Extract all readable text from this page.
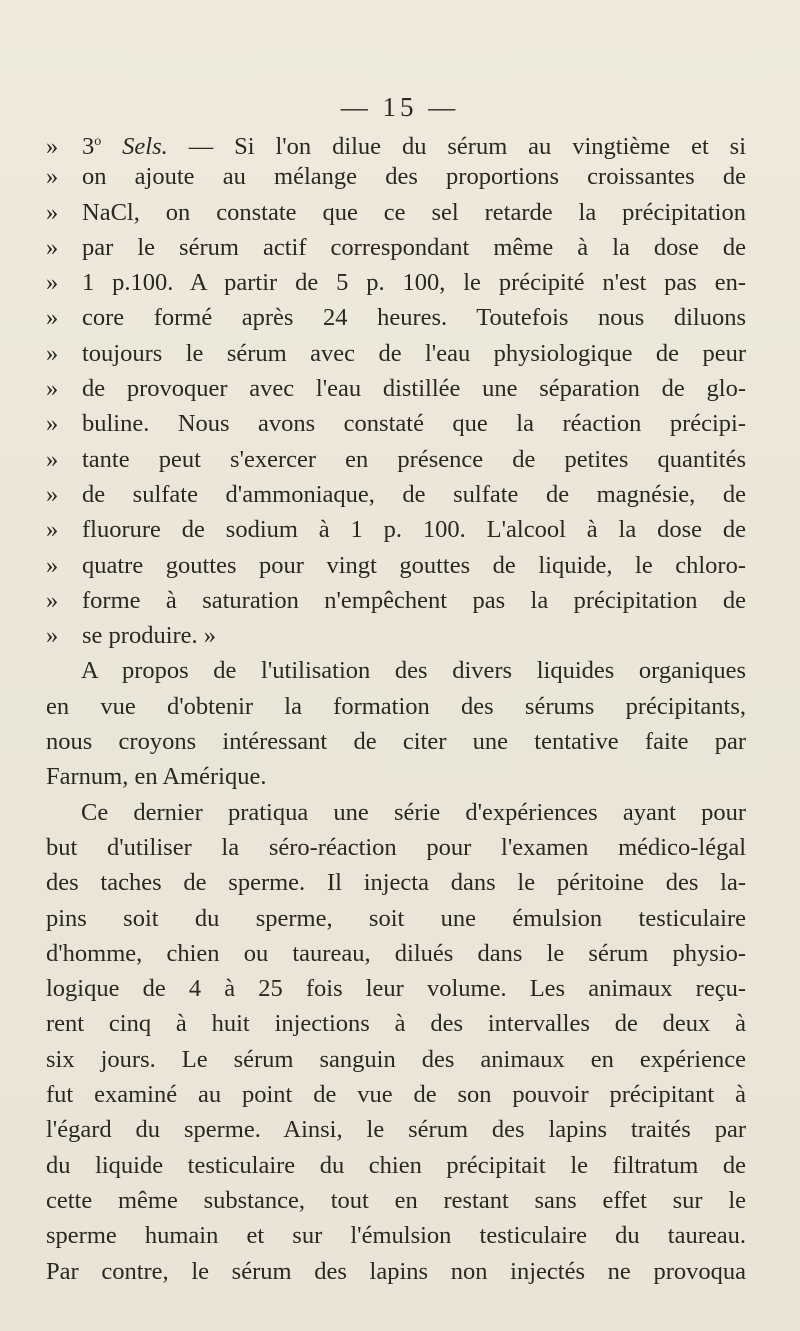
— 15 —
» 3$^o$ Sels. — Si l'on dilue du sérum au vingtième et si
» on ajoute au mélange des proportions croissantes de
» NaCl, on constate que ce sel retarde la précipitation
» par le sérum actif correspondant même à la dose de
» 1 p.100. A partir de 5 p. 100, le précipité n'est pas en-
» core formé après 24 heures. Toutefois nous diluons
» toujours le sérum avec de l'eau physiologique de peur
» de provoquer avec l'eau distillée une séparation de glo-
» buline. Nous avons constaté que la réaction précipi-
» tante peut s'exercer en présence de petites quantités
» de sulfate d'ammoniaque, de sulfate de magnésie, de
» fluorure de sodium à 1 p. 100. L'alcool à la dose de
» quatre gouttes pour vingt gouttes de liquide, le chloro-
» forme à saturation n'empêchent pas la précipitation de
» se produire. »
A propos de l'utilisation des divers liquides organiques
en vue d'obtenir la formation des sérums précipitants,
nous croyons intéressant de citer une tentative faite par
Farnum, en Amérique.
Ce dernier pratiqua une série d'expériences ayant pour
but d'utiliser la séro-réaction pour l'examen médico-légal
des taches de sperme. Il injecta dans le péritoine des la-
pins soit du sperme, soit une émulsion testiculaire
d'homme, chien ou taureau, dilués dans le sérum physio-
logique de 4 à 25 fois leur volume. Les animaux reçu-
rent cinq à huit injections à des intervalles de deux à
six jours. Le sérum sanguin des animaux en expérience
fut examiné au point de vue de son pouvoir précipitant à
l'égard du sperme. Ainsi, le sérum des lapins traités par
du liquide testiculaire du chien précipitait le filtratum de
cette même substance, tout en restant sans effet sur le
sperme humain et sur l'émulsion testiculaire du taureau.
Par contre, le sérum des lapins non injectés ne provoqua
